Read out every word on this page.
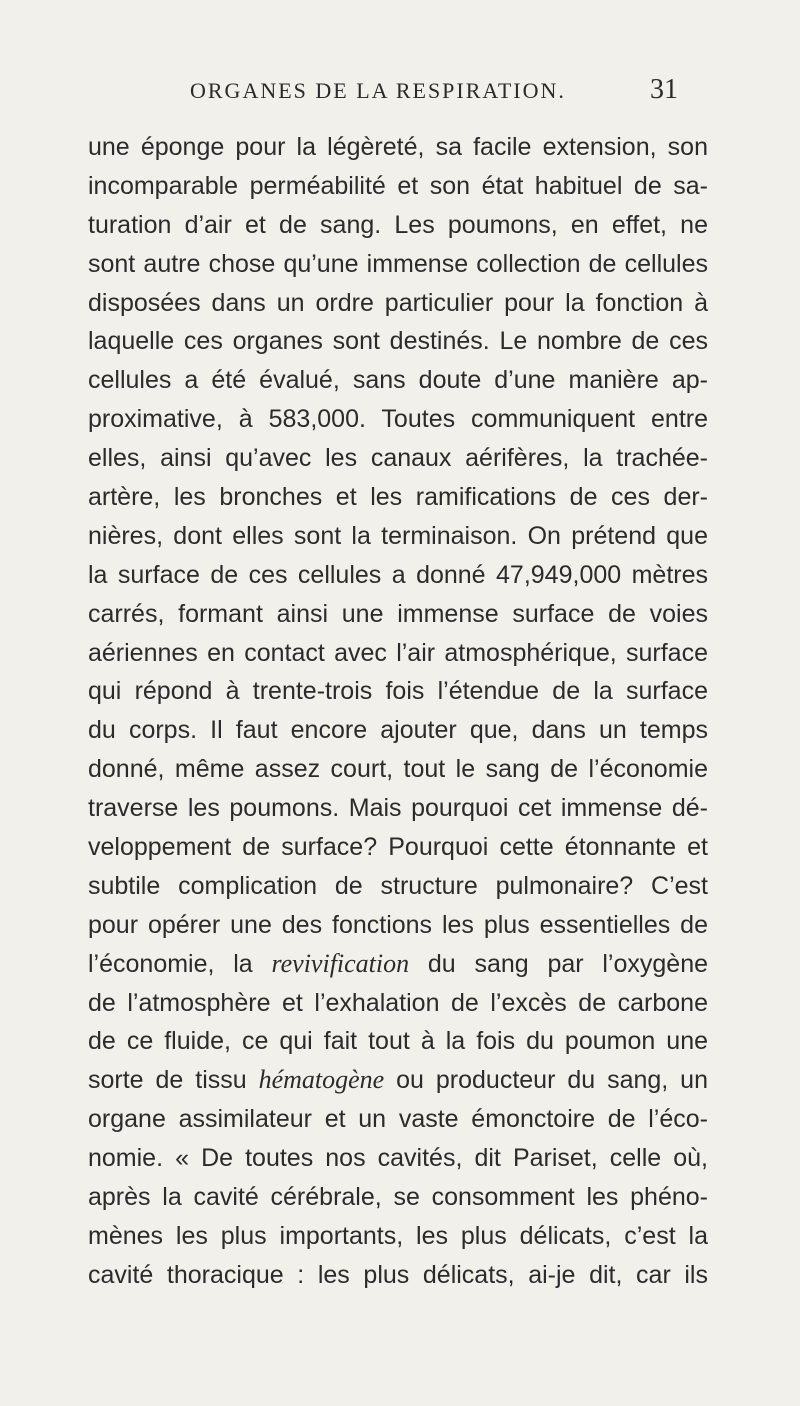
ORGANES DE LA RESPIRATION.	31
une éponge pour la légèreté, sa facile extension, son
incomparable perméabilité et son état habituel de sa-
turation d’air et de sang. Les poumons, en effet, ne
sont autre chose qu’une immense collection de cellules
disposées dans un ordre particulier pour la fonction à
laquelle ces organes sont destinés. Le nombre de ces
cellules a été évalué, sans doute d’une manière ap-
proximative, à 583,000. Toutes communiquent entre
elles, ainsi qu’avec les canaux aérifères, la trachée-
artère, les bronches et les ramifications de ces der-
nières, dont elles sont la terminaison. On prétend que
la surface de ces cellules a donné 47,949,000 mètres
carrés, formant ainsi une immense surface de voies
aériennes en contact avec l’air atmosphérique, surface
qui répond à trente-trois fois l’étendue de la surface
du corps. Il faut encore ajouter que, dans un temps
donné, même assez court, tout le sang de l’économie
traverse les poumons. Mais pourquoi cet immense dé-
veloppement de surface? Pourquoi cette étonnante et
subtile complication de structure pulmonaire? C’est
pour opérer une des fonctions les plus essentielles de
l’économie, la revivification du sang par l’oxygène
de l’atmosphère et l’exhalation de l’excès de carbone
de ce fluide, ce qui fait tout à la fois du poumon une
sorte de tissu hématogène ou producteur du sang, un
organe assimilateur et un vaste émonctoire de l’éco-
nomie. « De toutes nos cavités, dit Pariset, celle où,
après la cavité cérébrale, se consomment les phéno-
mènes les plus importants, les plus délicats, c’est la
cavité thoracique : les plus délicats, ai-je dit, car ils
